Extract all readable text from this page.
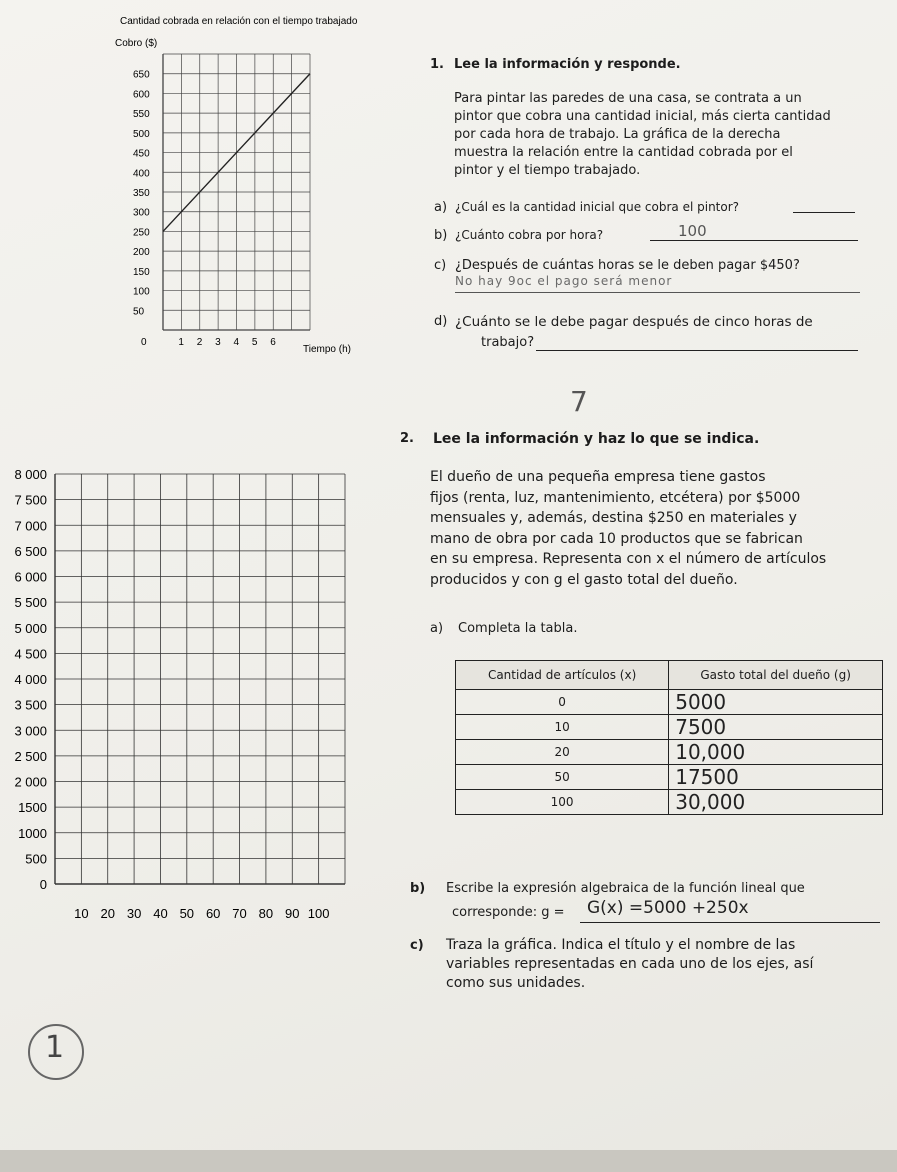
Cantidad cobrada en relación con el tiempo trabajado
Cobro ($)
50
100
150
200
250
300
350
400
450
500
550
600
650
0	1 2 3 4 5 6
Tiempo (h)
0
500
1000
1500
2 000
2 500
3 000
3 500
4 000
4 500
5 000
5 500
6 000
6 500
7 000
7 500
8 000
10 20 30 40 50 60 70 80 90 100
1. Lee la información y responde.
Para pintar las paredes de una casa, se contrata a un
pintor que cobra una cantidad inicial, más cierta cantidad
por cada hora de trabajo. La gráfica de la derecha
muestra la relación entre la cantidad cobrada por el
pintor y el tiempo trabajado.
a) ¿Cuál es la cantidad inicial que cobra el pintor?
b) ¿Cuánto cobra por hora?	100
c) ¿Después de cuántas horas se le deben pagar $450?
No hay 9oc el pago será menor
d) ¿Cuánto se le debe pagar después de cinco horas de
trabajo?
7
2. Lee la información y haz lo que se indica.
El dueño de una pequeña empresa tiene gastos
fijos (renta, luz, mantenimiento, etcétera) por $5000
mensuales y, además, destina $250 en materiales y
mano de obra por cada 10 productos que se fabrican
en su empresa. Representa con x el número de artículos
producidos y con g el gasto total del dueño.
a) Completa la tabla.
Cantidad de artículos (x)	Gasto total del dueño (g)
0	5000
10	7500
20	10,000
50	17500
100	30,000
b) Escribe la expresión algebraica de la función lineal que
corresponde: g = G(x) =5000 +250x
c) Traza la gráfica. Indica el título y el nombre de las
variables representadas en cada uno de los ejes, así
como sus unidades.
1
